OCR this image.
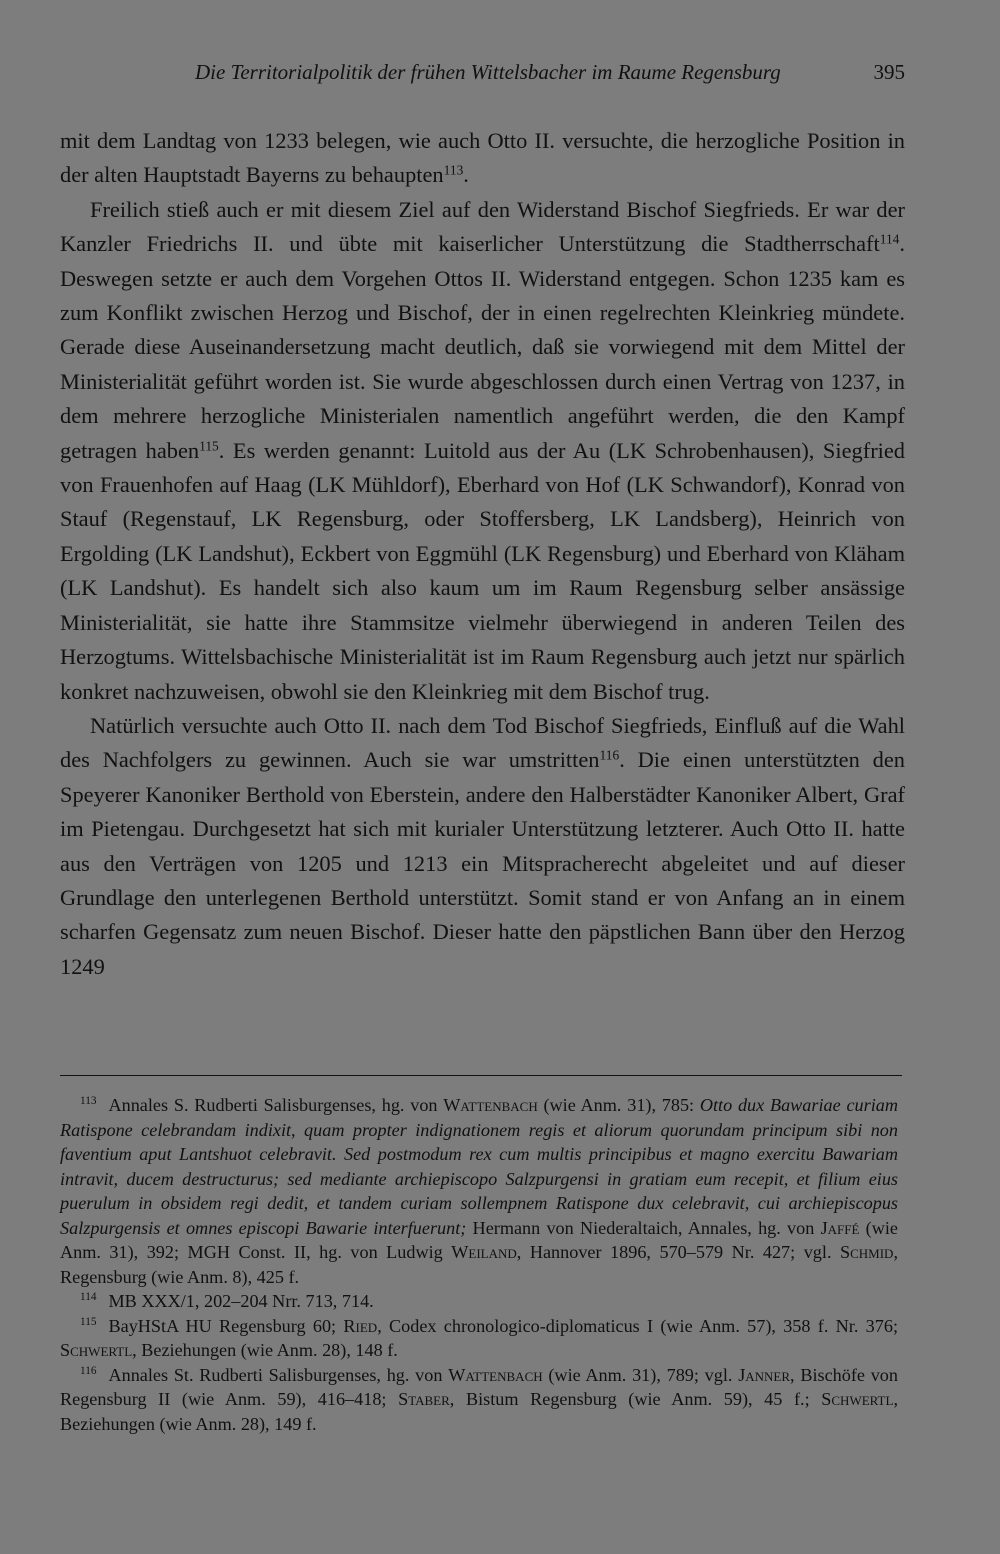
Die Territorialpolitik der frühen Wittelsbacher im Raume Regensburg	395

mit dem Landtag von 1233 belegen, wie auch Otto II. versuchte, die herzogliche Position in der alten Hauptstadt Bayerns zu behaupten$^{113}$.

Freilich stieß auch er mit diesem Ziel auf den Widerstand Bischof Siegfrieds. Er war der Kanzler Friedrichs II. und übte mit kaiserlicher Unterstützung die Stadtherrschaft$^{114}$. Deswegen setzte er auch dem Vorgehen Ottos II. Widerstand entgegen. Schon 1235 kam es zum Konflikt zwischen Herzog und Bischof, der in einen regelrechten Kleinkrieg mündete. Gerade diese Auseinandersetzung macht deutlich, daß sie vorwiegend mit dem Mittel der Ministerialität geführt worden ist. Sie wurde abgeschlossen durch einen Vertrag von 1237, in dem mehrere herzogliche Ministerialen namentlich angeführt werden, die den Kampf getragen haben$^{115}$. Es werden genannt: Luitold aus der Au (LK Schrobenhausen), Siegfried von Frauenhofen auf Haag (LK Mühldorf), Eberhard von Hof (LK Schwandorf), Konrad von Stauf (Regenstauf, LK Regensburg, oder Stoffersberg, LK Landsberg), Heinrich von Ergolding (LK Landshut), Eckbert von Eggmühl (LK Regensburg) und Eberhard von Kläham (LK Landshut). Es handelt sich also kaum um im Raum Regensburg selber ansässige Ministerialität, sie hatte ihre Stammsitze vielmehr überwiegend in anderen Teilen des Herzogtums. Wittelsbachische Ministerialität ist im Raum Regensburg auch jetzt nur spärlich konkret nachzuweisen, obwohl sie den Kleinkrieg mit dem Bischof trug.

Natürlich versuchte auch Otto II. nach dem Tod Bischof Siegfrieds, Einfluß auf die Wahl des Nachfolgers zu gewinnen. Auch sie war umstritten$^{116}$. Die einen unterstützten den Speyerer Kanoniker Berthold von Eberstein, andere den Halberstädter Kanoniker Albert, Graf im Pietengau. Durchgesetzt hat sich mit kurialer Unterstützung letzterer. Auch Otto II. hatte aus den Verträgen von 1205 und 1213 ein Mitspracherecht abgeleitet und auf dieser Grundlage den unterlegenen Berthold unterstützt. Somit stand er von Anfang an in einem scharfen Gegensatz zum neuen Bischof. Dieser hatte den päpstlichen Bann über den Herzog 1249

$^{113}$ Annales S. Rudberti Salisburgenses, hg. von Wattenbach (wie Anm. 31), 785: Otto dux Bawariae curiam Ratispone celebrandam indixit, quam propter indignationem regis et aliorum quorundam principum sibi non faventium aput Lantshuot celebravit. Sed postmodum rex cum multis principibus et magno exercitu Bawariam intravit, ducem destructurus; sed mediante archiepiscopo Salzpurgensi in gratiam eum recepit, et filium eius puerulum in obsidem regi dedit, et tandem curiam sollempnem Ratispone dux celebravit, cui archiepiscopus Salzpurgensis et omnes episcopi Bawarie interfuerunt; Hermann von Niederaltaich, Annales, hg. von Jaffé (wie Anm. 31), 392; MGH Const. II, hg. von Ludwig Weiland, Hannover 1896, 570–579 Nr. 427; vgl. Schmid, Regensburg (wie Anm. 8), 425 f.

$^{114}$ MB XXX/1, 202–204 Nrr. 713, 714.

$^{115}$ BayHStA HU Regensburg 60; Ried, Codex chronologico-diplomaticus I (wie Anm. 57), 358 f. Nr. 376; Schwertl, Beziehungen (wie Anm. 28), 148 f.

$^{116}$ Annales St. Rudberti Salisburgenses, hg. von Wattenbach (wie Anm. 31), 789; vgl. Janner, Bischöfe von Regensburg II (wie Anm. 59), 416–418; Staber, Bistum Regensburg (wie Anm. 59), 45 f.; Schwertl, Beziehungen (wie Anm. 28), 149 f.
